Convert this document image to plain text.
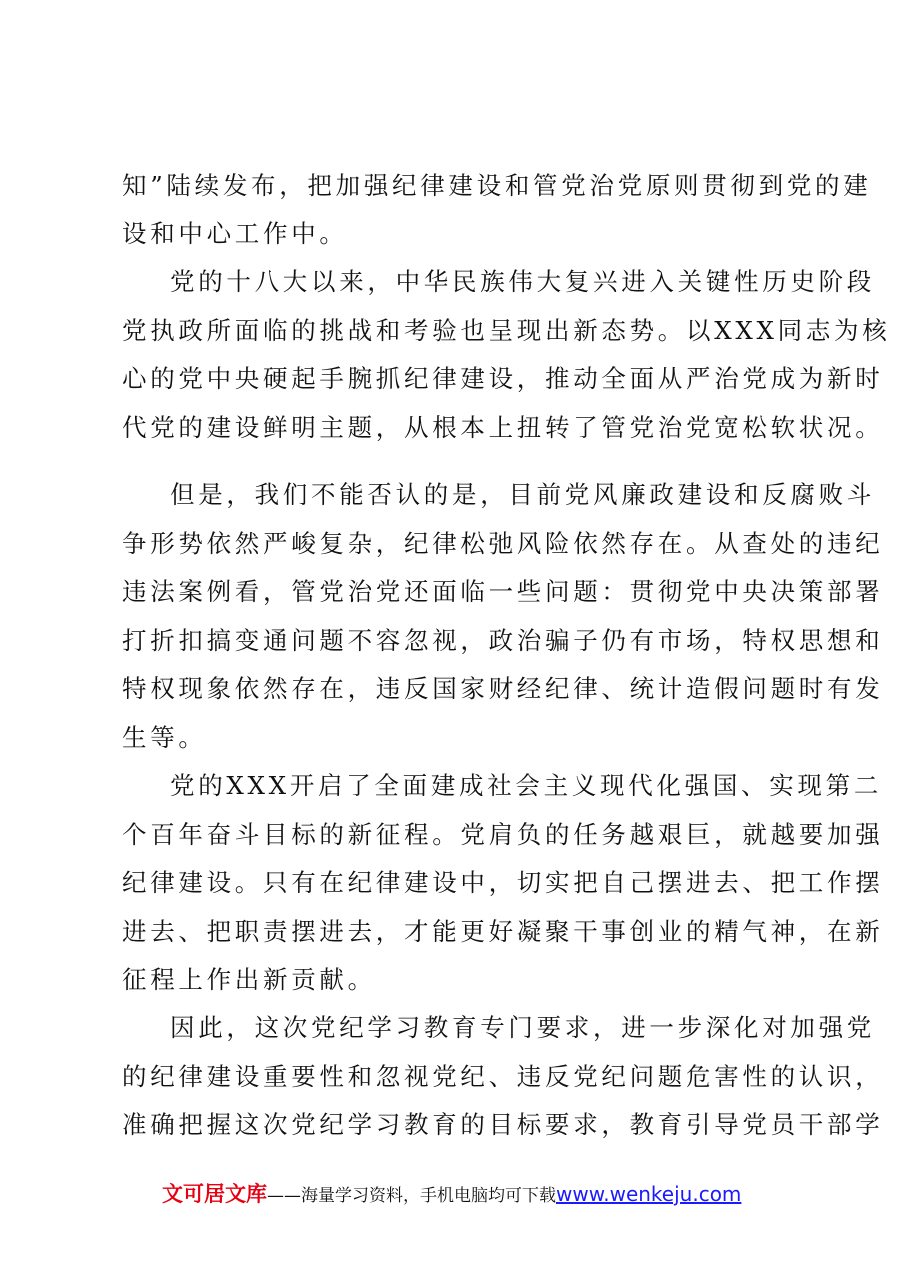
知”陆续发布，把加强纪律建设和管党治党原则贯彻到党的建
设和中心工作中。
党的十八大以来，中华民族伟大复兴进入关键性历史阶段
党执政所面临的挑战和考验也呈现出新态势。以XXX同志为核
心的党中央硬起手腕抓纪律建设，推动全面从严治党成为新时
代党的建设鲜明主题，从根本上扭转了管党治党宽松软状况。
但是，我们不能否认的是，目前党风廉政建设和反腐败斗
争形势依然严峻复杂，纪律松弛风险依然存在。从查处的违纪
违法案例看，管党治党还面临一些问题：贯彻党中央决策部署
打折扣搞变通问题不容忽视，政治骗子仍有市场，特权思想和
特权现象依然存在，违反国家财经纪律、统计造假问题时有发
生等。
党的XXX开启了全面建成社会主义现代化强国、实现第二
个百年奋斗目标的新征程。党肩负的任务越艰巨，就越要加强
纪律建设。只有在纪律建设中，切实把自己摆进去、把工作摆
进去、把职责摆进去，才能更好凝聚干事创业的精气神，在新
征程上作出新贡献。
因此，这次党纪学习教育专门要求，进一步深化对加强党
的纪律建设重要性和忽视党纪、违反党纪问题危害性的认识，
准确把握这次党纪学习教育的目标要求，教育引导党员干部学
文可居文库——海量学习资料，手机电脑均可下载www.wenkeju.com
